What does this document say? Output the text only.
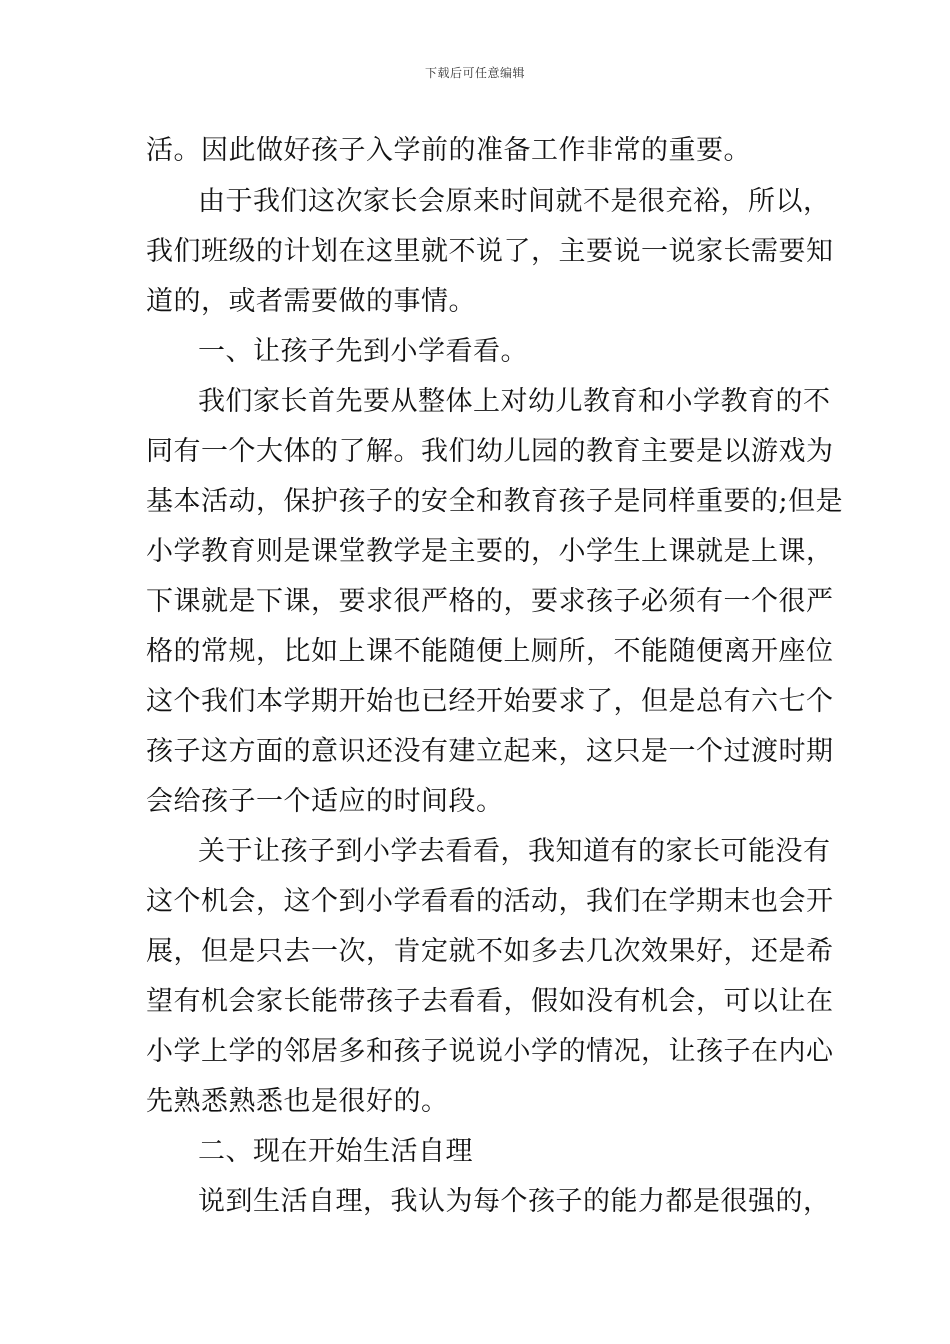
下载后可任意编辑
活。因此做好孩子入学前的准备工作非常的重要。
由于我们这次家长会原来时间就不是很充裕，所以，
我们班级的计划在这里就不说了，主要说一说家长需要知
道的，或者需要做的事情。
一、让孩子先到小学看看。
我们家长首先要从整体上对幼儿教育和小学教育的不
同有一个大体的了解。我们幼儿园的教育主要是以游戏为
基本活动，保护孩子的安全和教育孩子是同样重要的;但是
小学教育则是课堂教学是主要的，小学生上课就是上课，
下课就是下课，要求很严格的，要求孩子必须有一个很严
格的常规，比如上课不能随便上厕所，不能随便离开座位
这个我们本学期开始也已经开始要求了，但是总有六七个
孩子这方面的意识还没有建立起来，这只是一个过渡时期
会给孩子一个适应的时间段。
关于让孩子到小学去看看，我知道有的家长可能没有
这个机会，这个到小学看看的活动，我们在学期末也会开
展，但是只去一次，肯定就不如多去几次效果好，还是希
望有机会家长能带孩子去看看，假如没有机会，可以让在
小学上学的邻居多和孩子说说小学的情况，让孩子在内心
先熟悉熟悉也是很好的。
二、现在开始生活自理
说到生活自理，我认为每个孩子的能力都是很强的，
